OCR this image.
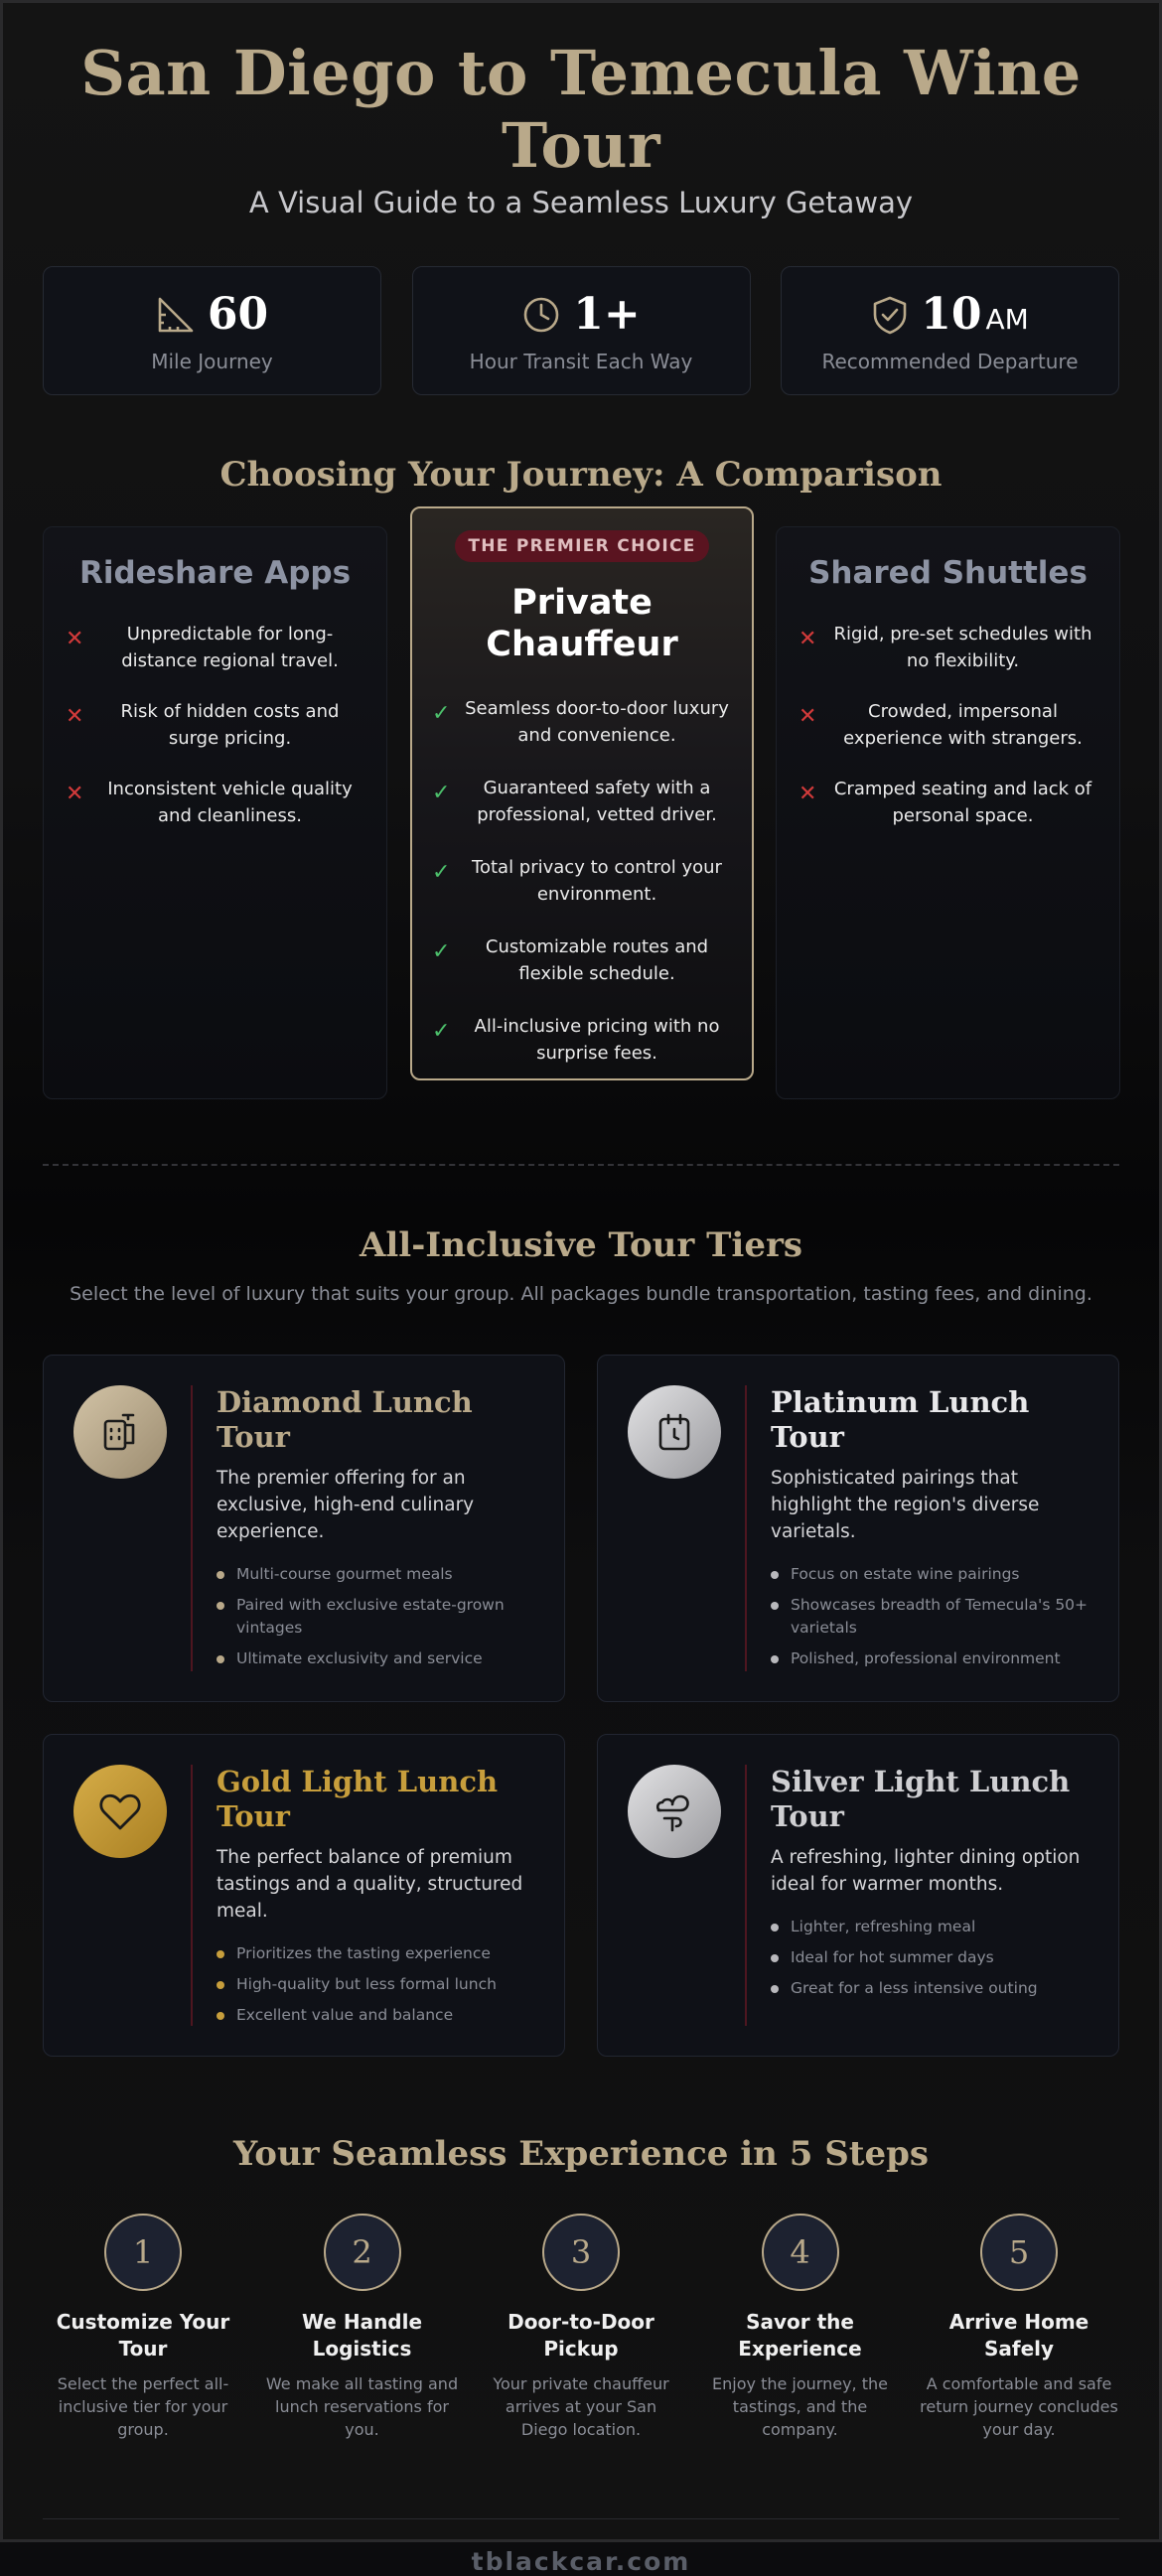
San Diego to Temecula Wine Tour
A Visual Guide to a Seamless Luxury Getaway
60
Mile Journey
1+
Hour Transit Each Way
10 AM
Recommended Departure
Choosing Your Journey: A Comparison
Rideshare Apps
✕	Unpredictable for long-distance regional travel.
✕	Risk of hidden costs and surge pricing.
✕	Inconsistent vehicle quality and cleanliness.
THE PREMIER CHOICE
Private Chauffeur
✓ Seamless door-to-door luxury and convenience.
✓	Guaranteed safety with a professional, vetted driver.
✓	Total privacy to control your environment.
✓	Customizable routes and flexible schedule.
✓	All-inclusive pricing with no surprise fees.
Shared Shuttles
✕ Rigid, pre-set schedules with no flexibility.
✕	Crowded, impersonal experience with strangers.
✕ Cramped seating and lack of personal space.
All-Inclusive Tour Tiers
Select the level of luxury that suits your group. All packages bundle transportation, tasting fees, and dining.
Diamond Lunch Tour
The premier offering for an exclusive, high-end culinary experience.
Multi-course gourmet meals
Paired with exclusive estate-grown vintages
Ultimate exclusivity and service
Platinum Lunch Tour
Sophisticated pairings that highlight the region's diverse varietals.
Focus on estate wine pairings
Showcases breadth of Temecula's 50+ varietals
Polished, professional environment
Gold Light Lunch Tour
The perfect balance of premium tastings and a quality, structured meal.
Prioritizes the tasting experience
High-quality but less formal lunch
Excellent value and balance
Silver Light Lunch Tour
A refreshing, lighter dining option ideal for warmer months.
Lighter, refreshing meal
Ideal for hot summer days
Great for a less intensive outing
Your Seamless Experience in 5 Steps
1
Customize Your Tour
Select the perfect all-inclusive tier for your group.
2
We Handle Logistics
We make all tasting and lunch reservations for you.
3
Door-to-Door Pickup
Your private chauffeur arrives at your San Diego location.
4
Savor the Experience
Enjoy the journey, the tastings, and the company.
5
Arrive Home Safely
A comfortable and safe return journey concludes your day.
tblackcar.com
